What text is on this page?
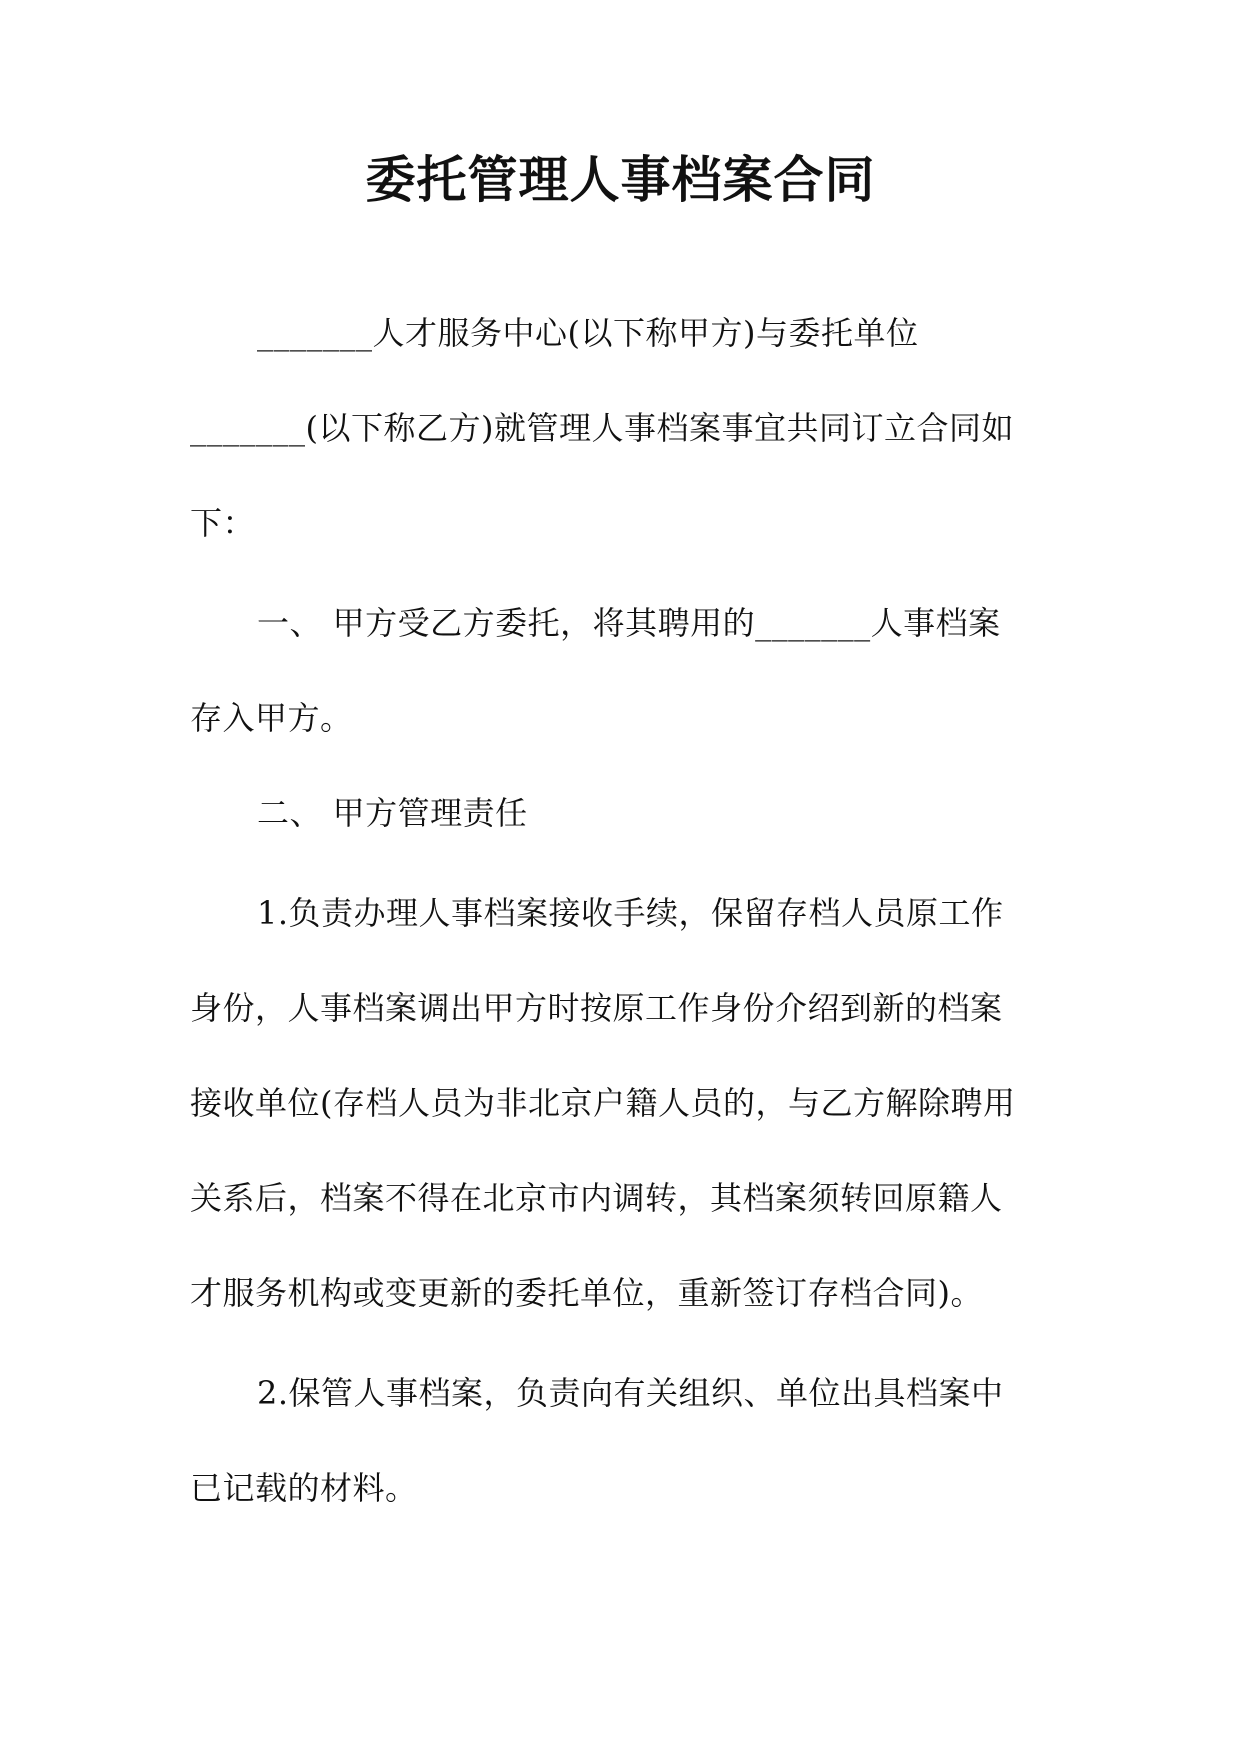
委托管理人事档案合同

_______人才服务中心(以下称甲方)与委托单位

_______(以下称乙方)就管理人事档案事宜共同订立合同如

下：

一、 甲方受乙方委托，将其聘用的_______人事档案

存入甲方。

二、 甲方管理责任

1.负责办理人事档案接收手续，保留存档人员原工作

身份，人事档案调出甲方时按原工作身份介绍到新的档案

接收单位(存档人员为非北京户籍人员的，与乙方解除聘用

关系后，档案不得在北京市内调转，其档案须转回原籍人

才服务机构或变更新的委托单位，重新签订存档合同)。

2.保管人事档案，负责向有关组织、单位出具档案中

已记载的材料。
